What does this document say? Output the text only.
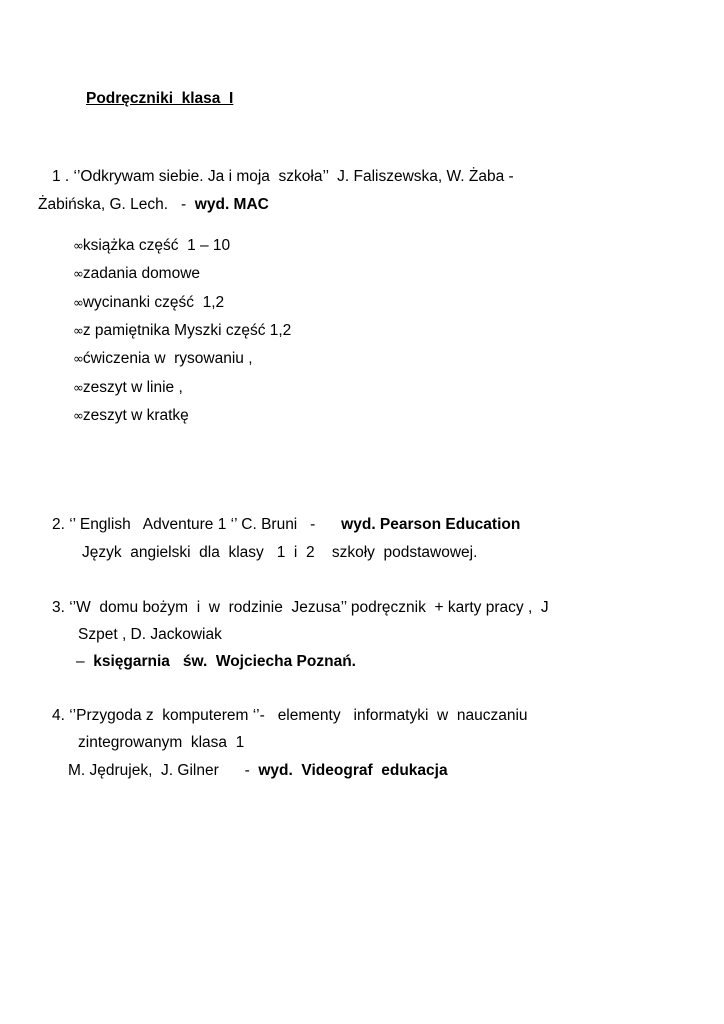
Podręczniki  klasa  I
1 . ‘’Odkrywam siebie. Ja i moja  szkoła’’  J. Faliszewska, W. Żaba -
Żabińska, G. Lech.   -  wyd. MAC
∞książka część  1 – 10
∞zadania domowe
∞wycinanki część  1,2
∞z pamiętnika Myszki część 1,2
∞ćwiczenia w  rysowaniu ,
∞zeszyt w linie ,
∞zeszyt w kratkę
2. ‘’ English   Adventure 1 ‘’ C. Bruni   -      wyd. Pearson Education
Język  angielski  dla  klasy   1  i  2    szkoły  podstawowej.
3. ‘’W  domu bożym  i  w  rodzinie  Jezusa’’ podręcznik  + karty pracy ,  J
Szpet , D. Jackowiak
–  księgarnia   św.  Wojciecha Poznań.
4. ‘’Przygoda z  komputerem ‘’-   elementy   informatyki  w  nauczaniu
zintegrowanym  klasa  1
M. Jędrujek,  J. Gilner      -  wyd.  Videograf  edukacja
